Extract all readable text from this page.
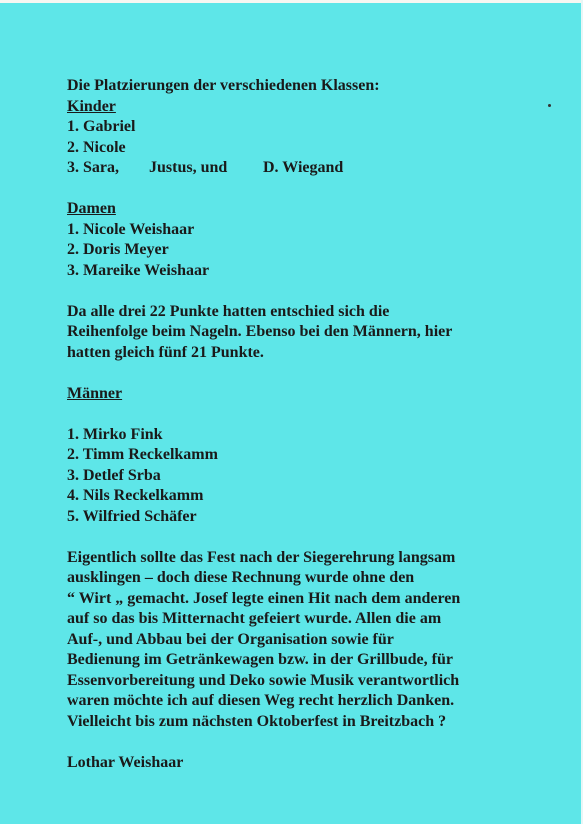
Die Platzierungen der verschiedenen Klassen:
Kinder
1. Gabriel
2. Nicole
3. Sara, Justus, und D. Wiegand
Damen
1. Nicole Weishaar
2. Doris Meyer
3. Mareike Weishaar
Da alle drei 22 Punkte hatten entschied sich die
Reihenfolge beim Nageln. Ebenso bei den Männern, hier
hatten gleich fünf 21 Punkte.
Männer
1. Mirko Fink
2. Timm Reckelkamm
3. Detlef Srba
4. Nils Reckelkamm
5. Wilfried Schäfer
Eigentlich sollte das Fest nach der Siegerehrung langsam
ausklingen – doch diese Rechnung wurde ohne den
“ Wirt „ gemacht. Josef legte einen Hit nach dem anderen
auf so das bis Mitternacht gefeiert wurde. Allen die am
Auf-, und Abbau bei der Organisation sowie für
Bedienung im Getränkewagen bzw. in der Grillbude, für
Essenvorbereitung und Deko sowie Musik verantwortlich
waren möchte ich auf diesen Weg recht herzlich Danken.
Vielleicht bis zum nächsten Oktoberfest in Breitzbach ?
Lothar Weishaar
